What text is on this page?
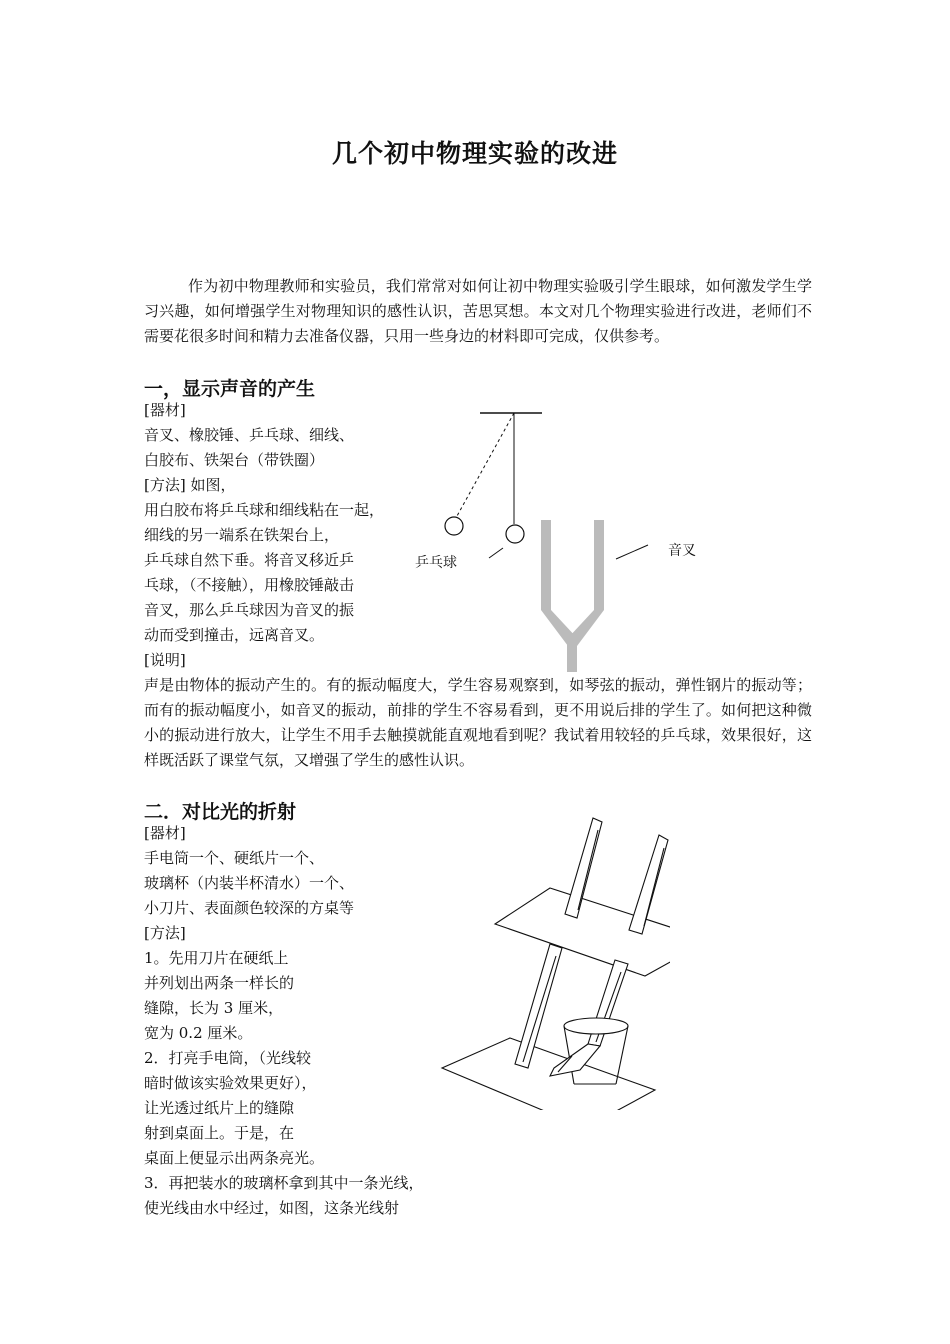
几个初中物理实验的改进

作为初中物理教师和实验员，我们常常对如何让初中物理实验吸引学生眼球，如何激发学生学习兴趣，如何增强学生对物理知识的感性认识，苦思冥想。本文对几个物理实验进行改进，老师们不需要花很多时间和精力去准备仪器，只用一些身边的材料即可完成，仅供参考。

一，显示声音的产生
[器材]
音叉、橡胶锤、乒乓球、细线、
白胶布、铁架台（带铁圈）
[方法] 如图，
用白胶布将乒乓球和细线粘在一起，
细线的另一端系在铁架台上，
乒乓球自然下垂。将音叉移近乒
乓球，（不接触），用橡胶锤敲击
音叉，那么乒乓球因为音叉的振
动而受到撞击，远离音叉。
[说明]
乒乓球
音叉

声是由物体的振动产生的。有的振动幅度大，学生容易观察到，如琴弦的振动，弹性钢片的振动等；而有的振动幅度小，如音叉的振动，前排的学生不容易看到，更不用说后排的学生了。如何把这种微小的振动进行放大，让学生不用手去触摸就能直观地看到呢？我试着用较轻的乒乓球，效果很好，这样既活跃了课堂气氛，又增强了学生的感性认识。

二．对比光的折射
[器材]
手电筒一个、硬纸片一个、
玻璃杯（内装半杯清水）一个、
小刀片、表面颜色较深的方桌等
[方法]
1。先用刀片在硬纸上
并列划出两条一样长的
缝隙，长为 3 厘米，
宽为 0.2 厘米。
2．打亮手电筒，（光线较
暗时做该实验效果更好），
让光透过纸片上的缝隙
射到桌面上。于是，在
桌面上便显示出两条亮光。
3．再把装水的玻璃杯拿到其中一条光线，
使光线由水中经过，如图，这条光线射
